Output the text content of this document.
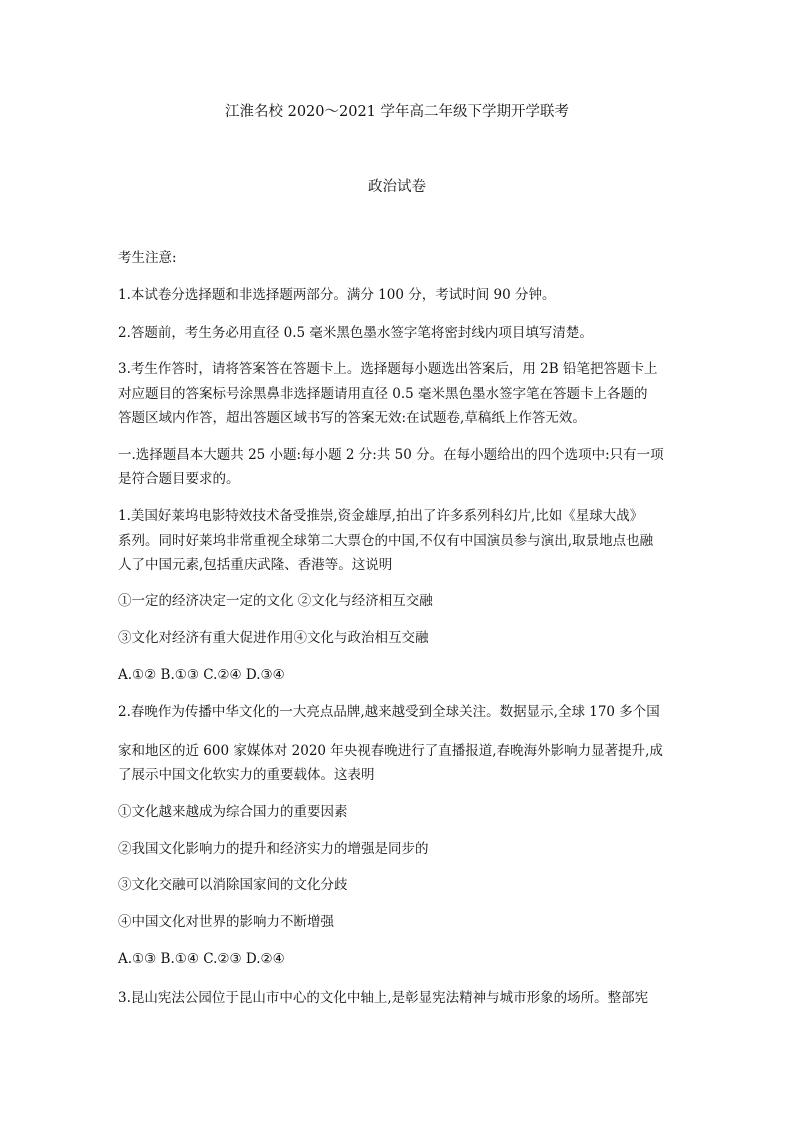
江淮名校 2020～2021 学年高二年级下学期开学联考
政治试卷
考生注意:
1.本试卷分选择题和非选择题两部分。满分 100 分，考试时间 90 分钟。
2.答题前，考生务必用直径 0.5 毫米黑色墨水签字笔将密封线内项目填写清楚。
3.考生作答时，请将答案答在答题卡上。选择题每小题选出答案后，用 2B 铅笔把答题卡上
对应题目的答案标号涂黑鼻非选择题请用直径 0.5 毫米黑色墨水签字笔在答题卡上各题的
答题区域内作答，超出答题区域书写的答案无效:在试题卷,草稿纸上作答无效。
一.选择题昌本大题共 25 小题:每小题 2 分:共 50 分。在每小题给出的四个选项中:只有一项
是符合题目要求的。
1.美国好莱坞电影特效技术备受推崇,资金雄厚,拍出了许多系列科幻片,比如《星球大战》
系列。同时好莱坞非常重视全球第二大票仓的中国,不仅有中国演员参与演出,取景地点也融
人了中国元素,包括重庆武隆、香港等。这说明
①一定的经济决定一定的文化 ②文化与经济相互交融
③文化对经济有重大促进作用④文化与政治相互交融
A.①② B.①③ C.②④ D.③④
2.春晚作为传播中华文化的一大亮点品牌,越来越受到全球关注。数据显示,全球 170 多个国
家和地区的近 600 家媒体对 2020 年央视春晚进行了直播报道,春晚海外影响力显著提升,成
了展示中国文化软实力的重要载体。这表明
①文化越来越成为综合国力的重要因素
②我国文化影响力的提升和经济实力的增强是同步的
③文化交融可以消除国家间的文化分歧
④中国文化对世界的影响力不断增强
A.①③ B.①④ C.②③ D.②④
3.昆山宪法公园位于昆山市中心的文化中轴上,是彰显宪法精神与城市形象的场所。整部宪
